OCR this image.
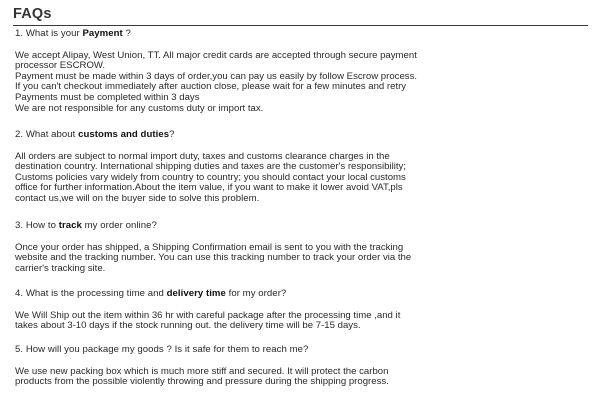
FAQs
1. What is your Payment ?
We accept Alipay, West Union, TT. All major credit cards are accepted through secure payment
processor ESCROW.
Payment must be made within 3 days of order,you can pay us easily by follow Escrow process.
If you can't checkout immediately after auction close, please wait for a few minutes and retry
Payments must be completed within 3 days
We are not responsible for any customs duty or import tax.
2. What about customs and duties?
All orders are subject to normal import duty, taxes and customs clearance charges in the
destination country. International shipping duties and taxes are the customer's responsibility;
Customs policies vary widely from country to country; you should contact your local customs
office for further information.About the item value, if you want to make it lower avoid VAT,pls
contact us,we will on the buyer side to solve this problem.
3. How to track my order online?
Once your order has shipped, a Shipping Confirmation email is sent to you with the tracking
website and the tracking number. You can use this tracking number to track your order via the
carrier's tracking site.
4. What is the processing time and delivery time for my order?
We Will Ship out the item within 36 hr with careful package after the processing time ,and it
takes about 3-10 days if the stock running out. the delivery time will be 7-15 days.
5. How will you package my goods ? Is it safe for them to reach me?
We use new packing box which is much more stiff and secured. It will protect the carbon
products from the possible violently throwing and pressure during the shipping progress.
